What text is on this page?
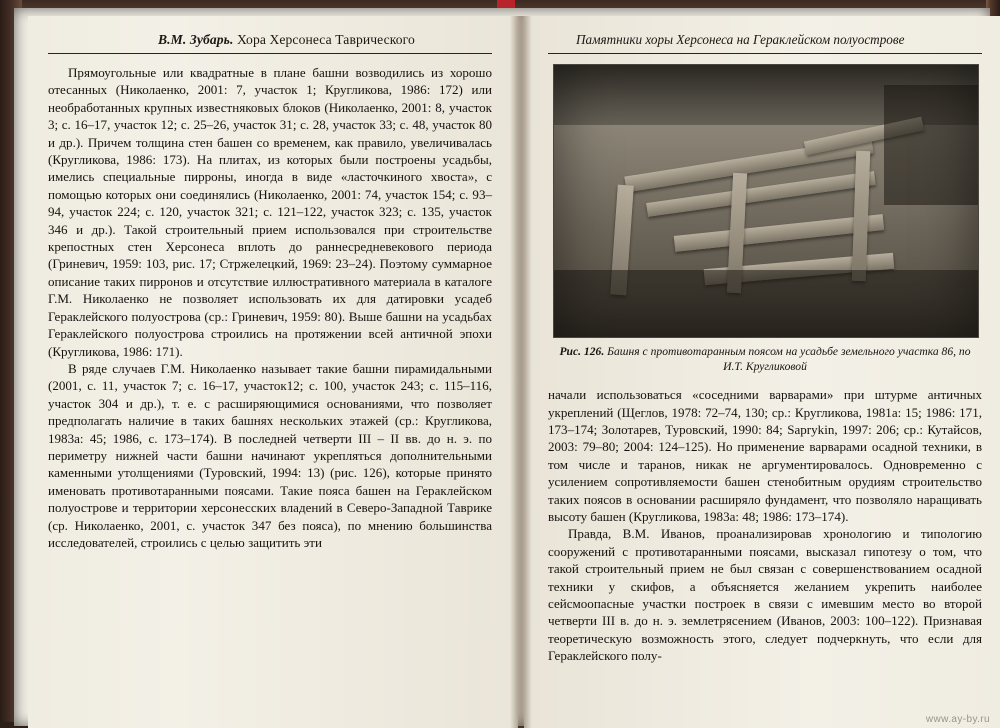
В.М. Зубарь. Хора Херсонеса Таврического

Прямоугольные или квадратные в плане башни возводились из хорошо отесанных (Николаенко, 2001: 7, участок 1; Кругликова, 1986: 172) или необработанных крупных известняковых блоков (Николаенко, 2001: 8, участок 3; с. 16–17, участок 12; с. 25–26, участок 31; с. 28, участок 33; с. 48, участок 80 и др.). Причем толщина стен башен со временем, как правило, увеличивалась (Кругликова, 1986: 173). На плитах, из которых были построены усадьбы, имелись специальные пирроны, иногда в виде «ласточкиного хвоста», с помощью которых они соединялись (Николаенко, 2001: 74, участок 154; с. 93–94, участок 224; с. 120, участок 321; с. 121–122, участок 323; с. 135, участок 346 и др.). Такой строительный прием использовался при строительстве крепостных стен Херсонеса вплоть до раннесредневекового периода (Гриневич, 1959: 103, рис. 17; Стржелецкий, 1969: 23–24). Поэтому суммарное описание таких пирронов и отсутствие иллюстративного материала в каталоге Г.М. Николаенко не позволяет использовать их для датировки усадеб Гераклейского полуострова (ср.: Гриневич, 1959: 80). Выше башни на усадьбах Гераклейского полуострова строились на протяжении всей античной эпохи (Кругликова, 1986: 171).

В ряде случаев Г.М. Николаенко называет такие башни пирамидальными (2001, с. 11, участок 7; с. 16–17, участок12; с. 100, участок 243; с. 115–116, участок 304 и др.), т. е. с расширяющимися основаниями, что позволяет предполагать наличие в таких башнях нескольких этажей (ср.: Кругликова, 1983а: 45; 1986, с. 173–174). В последней четверти III – II вв. до н. э. по периметру нижней части башни начинают укрепляться дополнительными каменными утолщениями (Туровский, 1994: 13) (рис. 126), которые принято именовать противотаранными поясами. Такие пояса башен на Гераклейском полуострове и территории херсонесских владений в Северо-Западной Таврике (ср. Николаенко, 2001, с. участок 347 без пояса), по мнению большинства исследователей, строились с целью защитить эти

Памятники хоры Херсонеса на Гераклейском полуострове
Рис. 126. Башня с противотаранным поясом на усадьбе земельного участка 86, по И.Т. Кругликовой

начали использоваться «соседними варварами» при штурме античных укреплений (Щеглов, 1978: 72–74, 130; ср.: Кругликова, 1981а: 15; 1986: 171, 173–174; Золотарев, Туровский, 1990: 84; Saprykin, 1997: 206; ср.: Кутайсов, 2003: 79–80; 2004: 124–125). Но применение варварами осадной техники, в том числе и таранов, никак не аргументировалось. Одновременно с усилением сопротивляемости башен стенобитным орудиям строительство таких поясов в основании расширяло фундамент, что позволяло наращивать высоту башен (Кругликова, 1983а: 48; 1986: 173–174).

Правда, В.М. Иванов, проанализировав хронологию и типологию сооружений с противотаранными поясами, высказал гипотезу о том, что такой строительный прием не был связан с совершенствованием осадной техники у скифов, а объясняется желанием укрепить наиболее сейсмоопасные участки построек в связи с имевшим место во второй четверти III в. до н. э. землетрясением (Иванов, 2003: 100–122). Признавая теоретическую возможность этого, следует подчеркнуть, что если для Гераклейского полу-

www.ay-by.ru
